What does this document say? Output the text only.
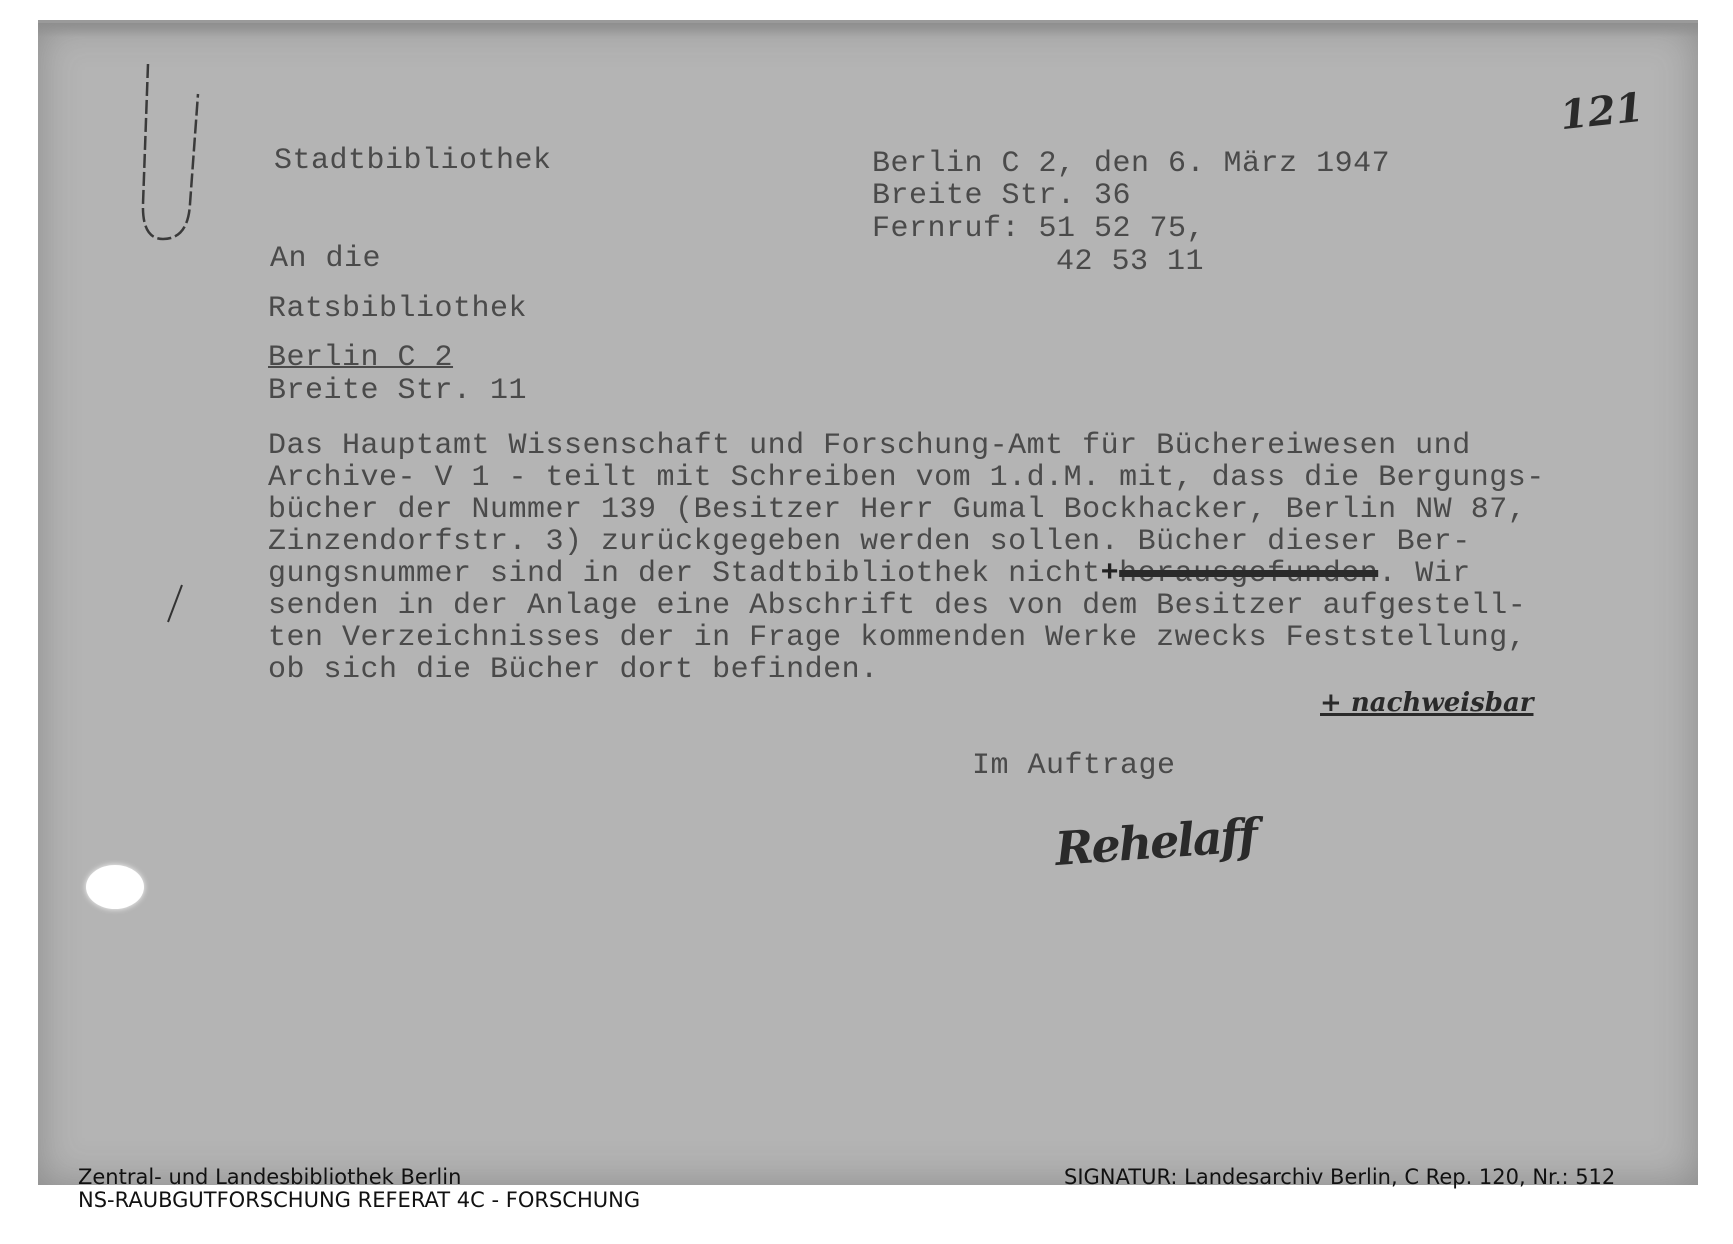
121
Stadtbibliothek	Berlin C 2, den 6. März 1947
Breite Str. 36
Fernruf: 51 52 75,
42 53 11
An die
Ratsbibliothek
Berlin C 2
Breite Str. 11
Das Hauptamt Wissenschaft und Forschung-Amt für Büchereiwesen und
Archive- V 1 - teilt mit Schreiben vom 1.d.M. mit, dass die Bergungs-
bücher der Nummer 139 (Besitzer Herr Gumal Bockhacker, Berlin NW 87,
Zinzendorfstr. 3) zurückgegeben werden sollen. Bücher dieser Ber-
gungsnummer sind in der Stadtbibliothek nicht+herausgefunden. Wir
senden in der Anlage eine Abschrift des von dem Besitzer aufgestell-
ten Verzeichnisses der in Frage kommenden Werke zwecks Feststellung,
ob sich die Bücher dort befinden.
+ nachweisbar
Im Auftrage
Rehelaff
Zentral- und Landesbibliothek Berlin
NS-RAUBGUTFORSCHUNG REFERAT 4C - FORSCHUNG
SIGNATUR: Landesarchiv Berlin, C Rep. 120, Nr.: 512
